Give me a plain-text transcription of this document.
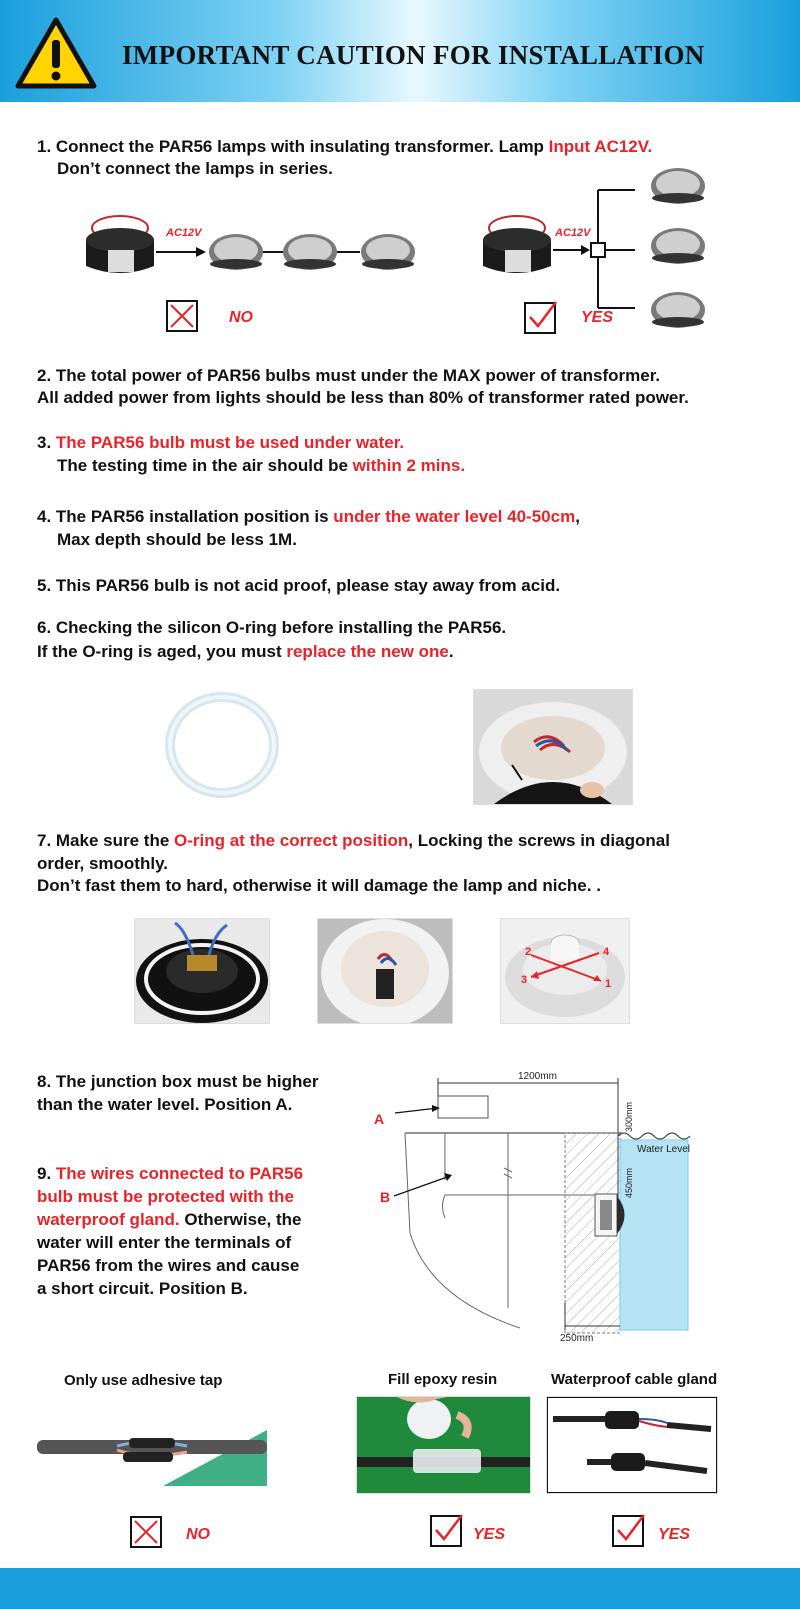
IMPORTANT CAUTION FOR INSTALLATION
1. Connect the PAR56 lamps with insulating transformer. Lamp Input AC12V.
Don’t connect the lamps in series.
AC12V
NO
AC12V
YES
2. The total power of PAR56 bulbs must under the MAX power of transformer.
All added power from lights should be less than 80% of transformer rated power.
3. The PAR56 bulb must be used under water.
The testing time in the air should be within 2 mins.
4. The PAR56 installation position is under the water level 40-50cm,
Max depth should be less 1M.
5. This PAR56 bulb is not acid proof, please stay away from acid.
6. Checking the silicon O-ring before installing the PAR56.
If the O-ring is aged, you must replace the new one.
7. Make sure the O-ring at the correct position, Locking the screws in diagonal
order, smoothly.
Don’t fast them to hard, otherwise it will damage the lamp and niche. .
2	4
1
3
8. The junction box must be higher
than the water level. Position A.
9. The wires connected to PAR56
bulb must be protected with the
waterproof gland. Otherwise, the
water will enter the terminals of
PAR56 from the wires and cause
a short circuit. Position B.
1200mm
A
B
Water Level
300mm
450mm
250mm
Only use adhesive tap	Fill epoxy resin	Waterproof cable gland
NO	YES	YES
